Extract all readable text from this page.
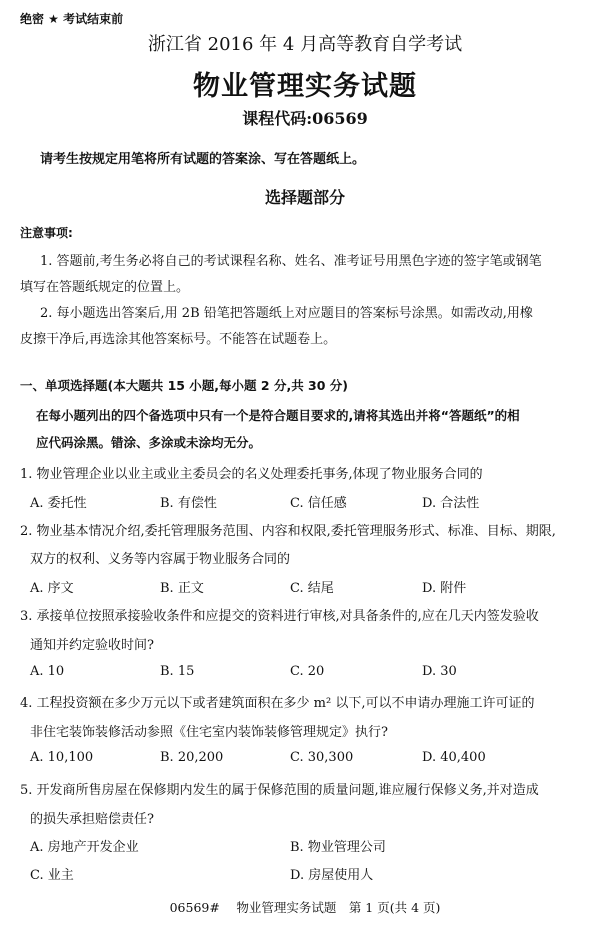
绝密 ★ 考试结束前
浙江省 2016 年 4 月高等教育自学考试
物业管理实务试题
课程代码:06569
请考生按规定用笔将所有试题的答案涂、写在答题纸上。
选择题部分
注意事项:
1. 答题前,考生务必将自己的考试课程名称、姓名、准考证号用黑色字迹的签字笔或钢笔
填写在答题纸规定的位置上。
2. 每小题选出答案后,用 2B 铅笔把答题纸上对应题目的答案标号涂黑。如需改动,用橡
皮擦干净后,再选涂其他答案标号。不能答在试题卷上。
一、单项选择题(本大题共 15 小题,每小题 2 分,共 30 分)
在每小题列出的四个备选项中只有一个是符合题目要求的,请将其选出并将“答题纸”的相
应代码涂黑。错涂、多涂或未涂均无分。
1. 物业管理企业以业主或业主委员会的名义处理委托事务,体现了物业服务合同的
A. 委托性	B. 有偿性	C. 信任感	D. 合法性
2. 物业基本情况介绍,委托管理服务范围、内容和权限,委托管理服务形式、标准、目标、期限,
双方的权利、义务等内容属于物业服务合同的
A. 序文	B. 正文	C. 结尾	D. 附件
3. 承接单位按照承接验收条件和应提交的资料进行审核,对具备条件的,应在几天内签发验收
通知并约定验收时间?
A. 10	B. 15	C. 20	D. 30
4. 工程投资额在多少万元以下或者建筑面积在多少 m² 以下,可以不申请办理施工许可证的
非住宅装饰装修活动参照《住宅室内装饰装修管理规定》执行?
A. 10,100	B. 20,200	C. 30,300	D. 40,400
5. 开发商所售房屋在保修期内发生的属于保修范围的质量问题,谁应履行保修义务,并对造成
的损失承担赔偿责任?
A. 房地产开发企业	B. 物业管理公司
C. 业主	D. 房屋使用人
06569#　 物业管理实务试题　第 1 页(共 4 页)
